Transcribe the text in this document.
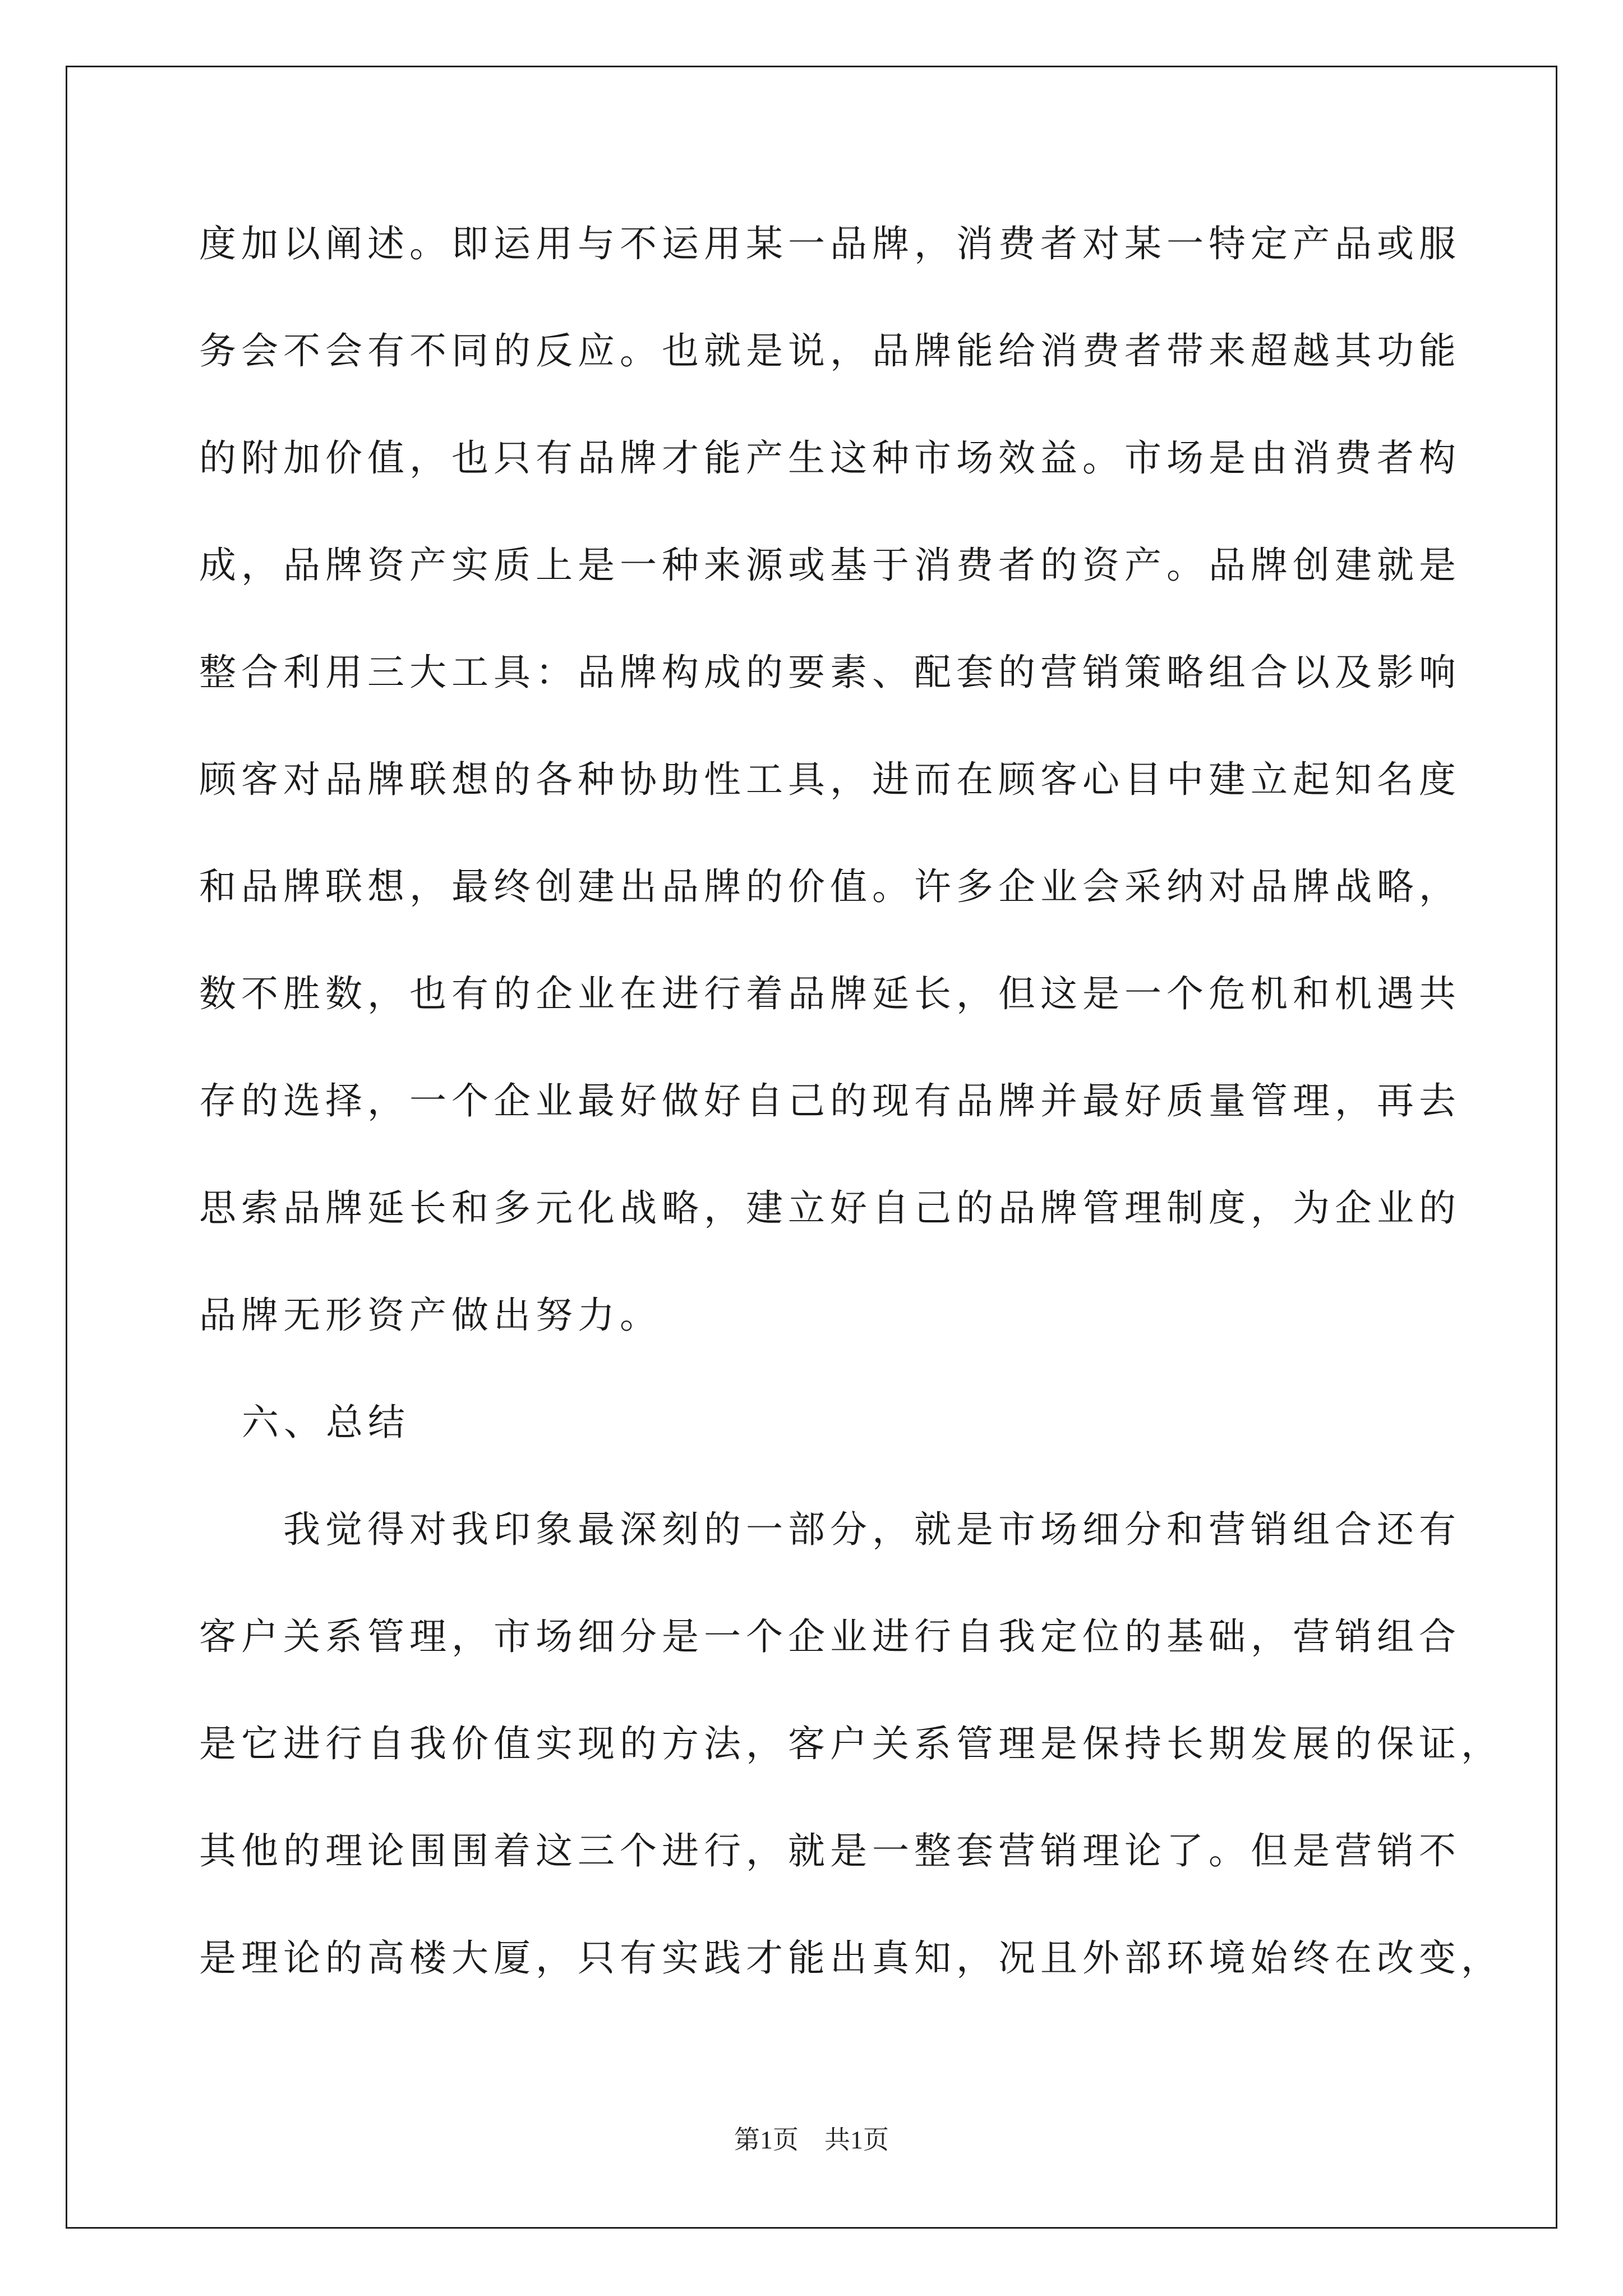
度加以阐述。即运用与不运用某一品牌，消费者对某一特定产品或服
务会不会有不同的反应。也就是说，品牌能给消费者带来超越其功能
的附加价值，也只有品牌才能产生这种市场效益。市场是由消费者构
成，品牌资产实质上是一种来源或基于消费者的资产。品牌创建就是
整合利用三大工具：品牌构成的要素、配套的营销策略组合以及影响
顾客对品牌联想的各种协助性工具，进而在顾客心目中建立起知名度
和品牌联想，最终创建出品牌的价值。许多企业会采纳对品牌战略，
数不胜数，也有的企业在进行着品牌延长，但这是一个危机和机遇共
存的选择，一个企业最好做好自己的现有品牌并最好质量管理，再去
思索品牌延长和多元化战略，建立好自己的品牌管理制度，为企业的
品牌无形资产做出努力。
六、总结
我觉得对我印象最深刻的一部分，就是市场细分和营销组合还有
客户关系管理，市场细分是一个企业进行自我定位的基础，营销组合
是它进行自我价值实现的方法，客户关系管理是保持长期发展的保证，
其他的理论围围着这三个进行，就是一整套营销理论了。但是营销不
是理论的高楼大厦，只有实践才能出真知，况且外部环境始终在改变，
第1页　共1页
